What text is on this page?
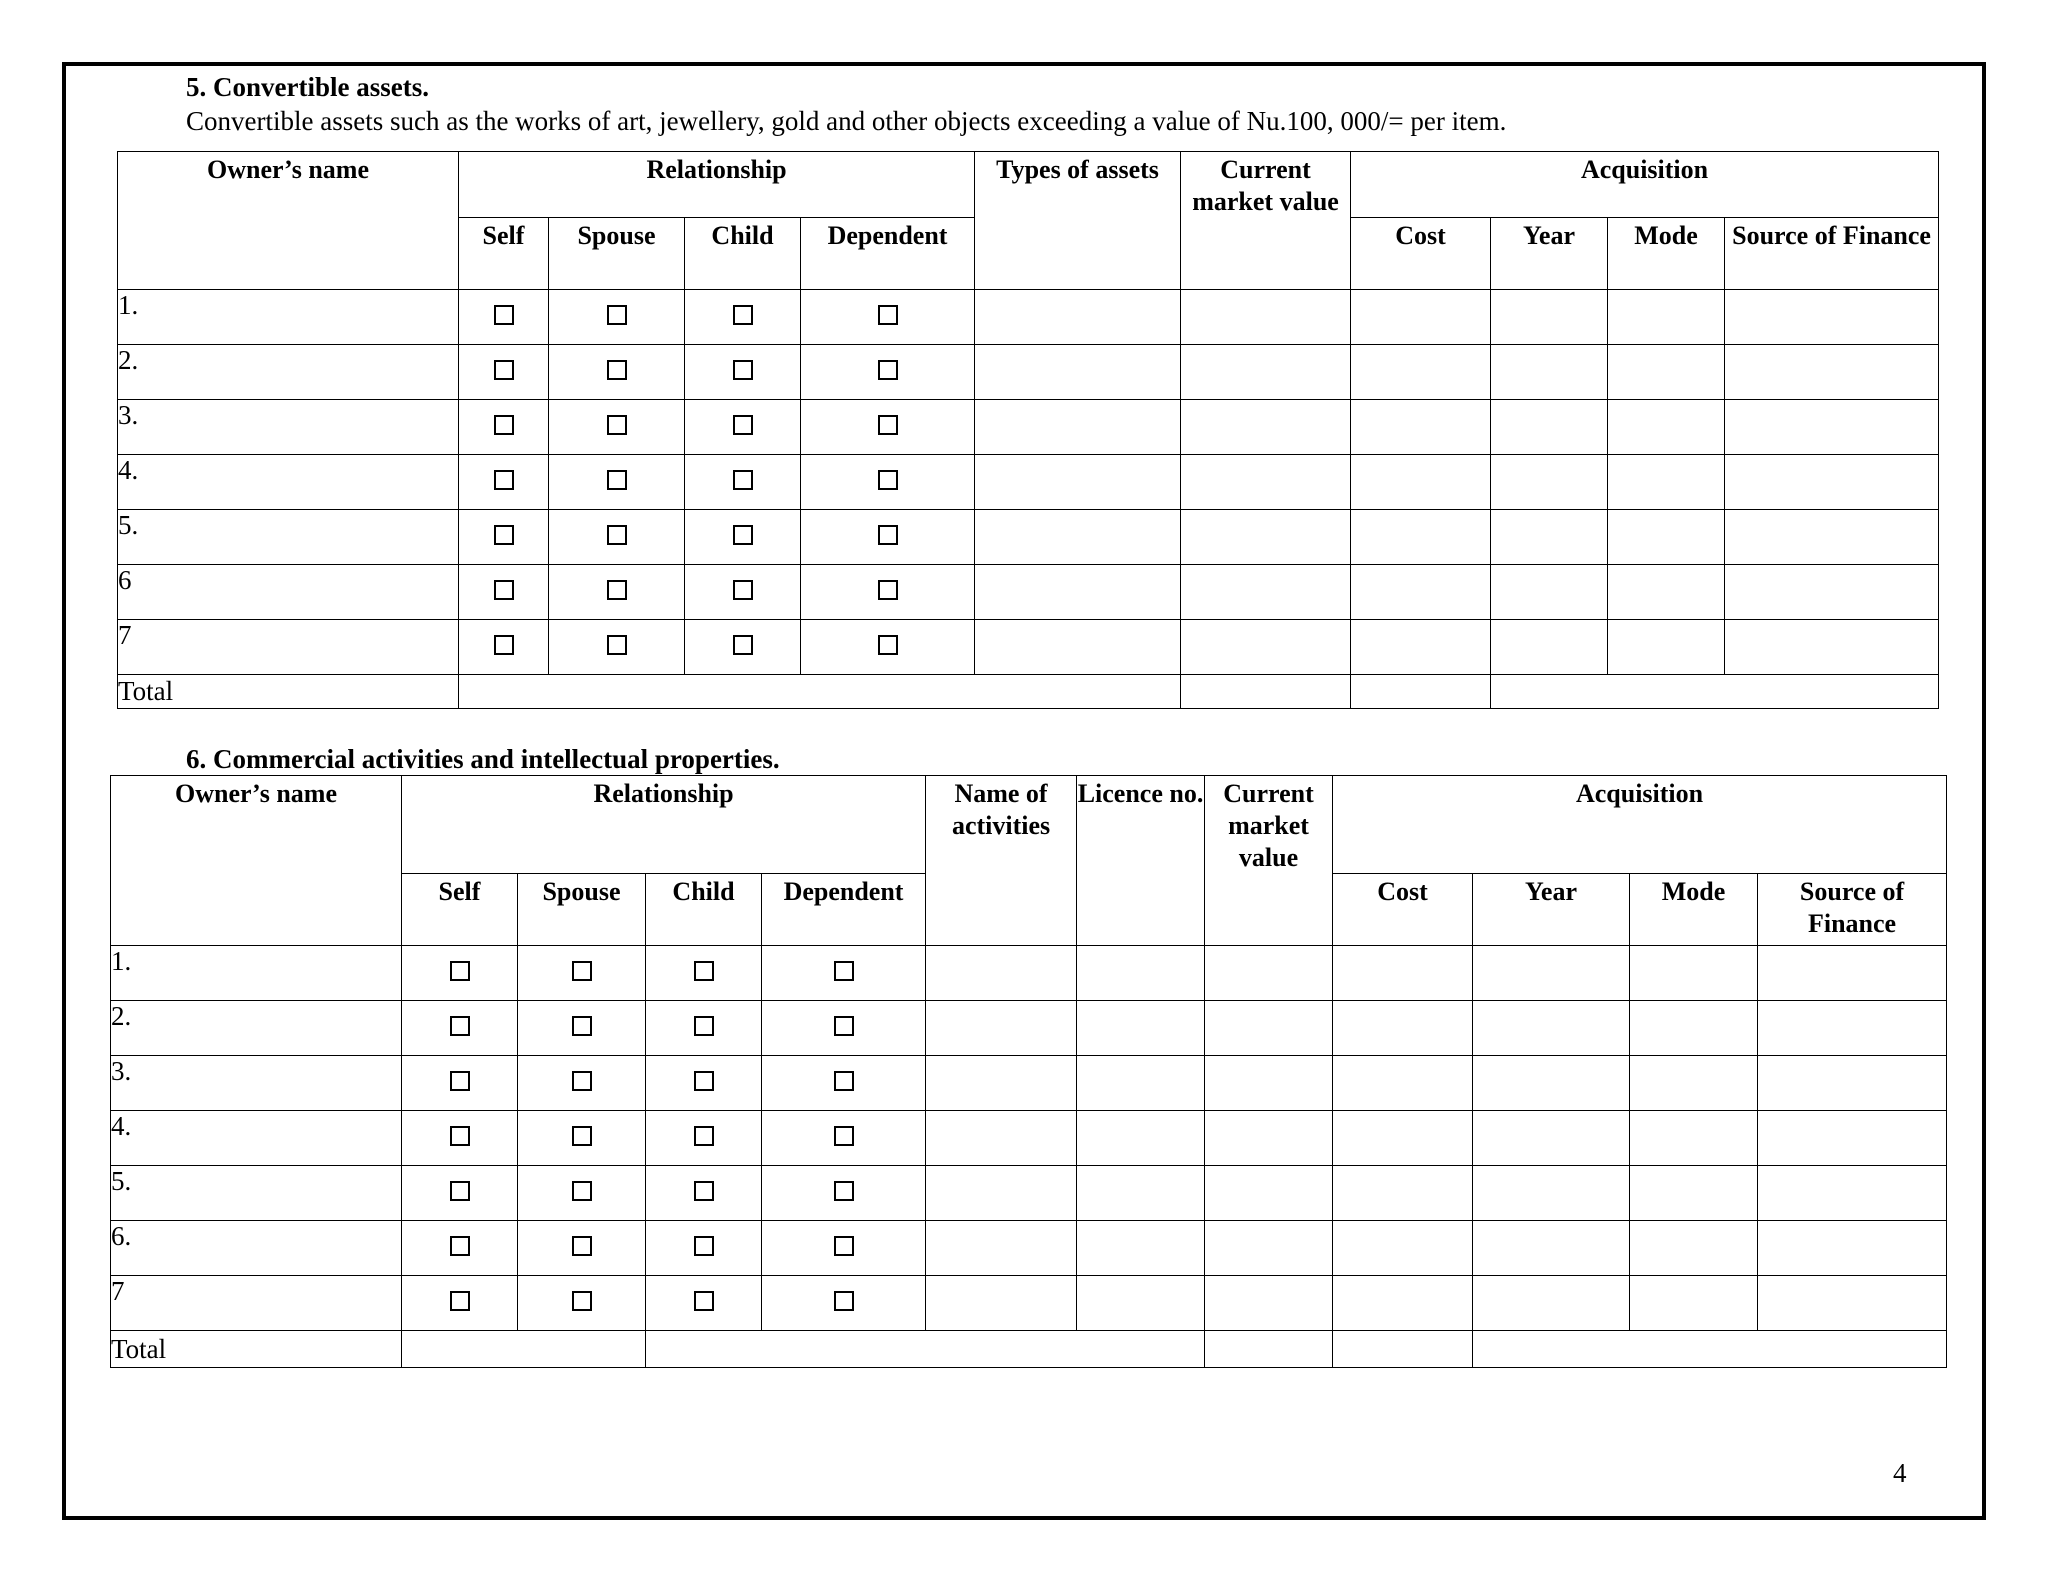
5. Convertible assets.
Convertible assets such as the works of art, jewellery, gold and other objects exceeding a value of Nu.100, 000/= per item.
Owner’s name	Relationship				Types of assets	Current market value	Acquisition			
	Self	Spouse	Child	Dependent			Cost	Year	Mode	Source of Finance
1.										
2.										
3.										
4.										
5.										
6										
7										
Total										
6. Commercial activities and intellectual properties.
Owner’s name	Relationship				Name of activities	Licence no.	Current market value	Acquisition			
	Self	Spouse	Child	Dependent				Cost	Year	Mode	Source of Finance
1.											
2.											
3.											
4.											
5.											
6.											
7											
Total											
4
